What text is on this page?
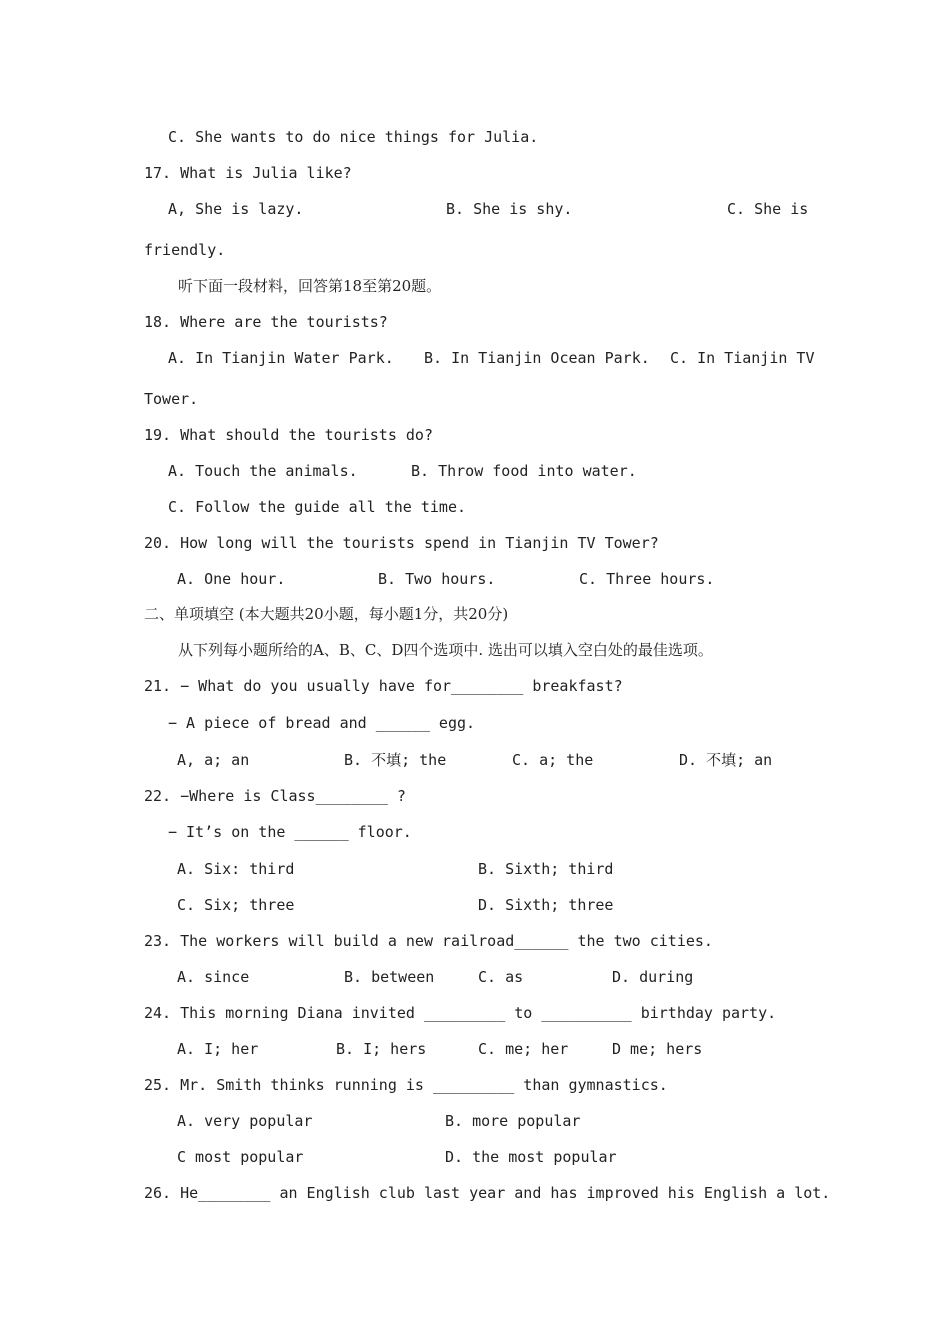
C. She wants to do nice things for Julia.
17. What is Julia like?
A, She is lazy.	B. She is shy.	C. She is
friendly.
听下面一段材料，回答第18至第20题。
18. Where are the tourists?
A. In Tianjin Water Park. B. In Tianjin Ocean Park. C. In Tianjin TV
Tower.
19. What should the tourists do?
A. Touch the animals.	B. Throw food into water.
C. Follow the guide all the time.
20. How long will the tourists spend in Tianjin TV Tower?
A. One hour.	B. Two hours.	C. Three hours.
二、单项填空 (本大题共20小题，每小题1分，共20分)
从下列每小题所给的A、B、C、D四个选项中. 选出可以填入空白处的最佳选项。
21. − What do you usually have for________ breakfast?
− A piece of bread and ______ egg.
A, a; an	B. 不填; the	C. a; the	D. 不填; an
22. −Where is Class________ ?
− It’s on the ______ floor.
A. Six: third	B. Sixth; third
C. Six; three	D. Sixth; three
23. The workers will build a new railroad______ the two cities.
A. since	B. between	C. as	D. during
24. This morning Diana invited _________ to __________ birthday party.
A. I; her	B. I; hers	C. me; her	D me; hers
25. Mr. Smith thinks running is _________ than gymnastics.
A. very popular	B. more popular
C most popular	D. the most popular
26. He________ an English club last year and has improved his English a lot.
